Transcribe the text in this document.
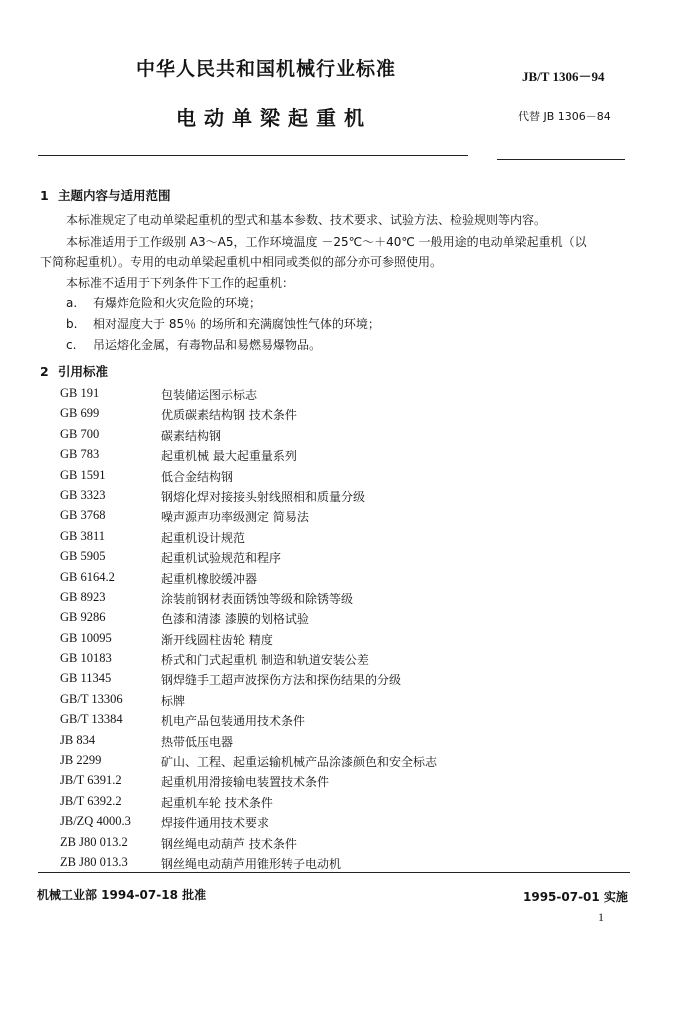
中华人民共和国机械行业标准	JB/T 1306－94
电动单梁起重机	代替 JB 1306－84
1 主题内容与适用范围
本标准规定了电动单梁起重机的型式和基本参数、技术要求、试验方法、检验规则等内容。
本标准适用于工作级别 A3～A5，工作环境温度 －25℃～＋40℃ 一般用途的电动单梁起重机（以
下简称起重机）。专用的电动单梁起重机中相同或类似的部分亦可参照使用。
本标准不适用于下列条件下工作的起重机：
a. 有爆炸危险和火灾危险的环境；
b. 相对湿度大于 85％ 的场所和充满腐蚀性气体的环境；
c. 吊运熔化金属，有毒物品和易燃易爆物品。
2 引用标准
GB 191	包装储运图示标志
GB 699	优质碳素结构钢 技术条件
GB 700	碳素结构钢
GB 783	起重机械 最大起重量系列
GB 1591	低合金结构钢
GB 3323	钢熔化焊对接接头射线照相和质量分级
GB 3768	噪声源声功率级测定 简易法
GB 3811	起重机设计规范
GB 5905	起重机试验规范和程序
GB 6164.2	起重机橡胶缓冲器
GB 8923	涂装前钢材表面锈蚀等级和除锈等级
GB 9286	色漆和清漆 漆膜的划格试验
GB 10095	渐开线圆柱齿轮 精度
GB 10183	桥式和门式起重机 制造和轨道安装公差
GB 11345	钢焊缝手工超声波探伤方法和探伤结果的分级
GB/T 13306	标牌
GB/T 13384	机电产品包装通用技术条件
JB 834	热带低压电器
JB 2299	矿山、工程、起重运输机械产品涂漆颜色和安全标志
JB/T 6391.2	起重机用滑接输电装置技术条件
JB/T 6392.2	起重机车轮 技术条件
JB/ZQ 4000.3	焊接件通用技术要求
ZB J80 013.2	钢丝绳电动葫芦 技术条件
ZB J80 013.3	钢丝绳电动葫芦用锥形转子电动机
机械工业部 1994-07-18 批准	1995-07-01 实施
1
